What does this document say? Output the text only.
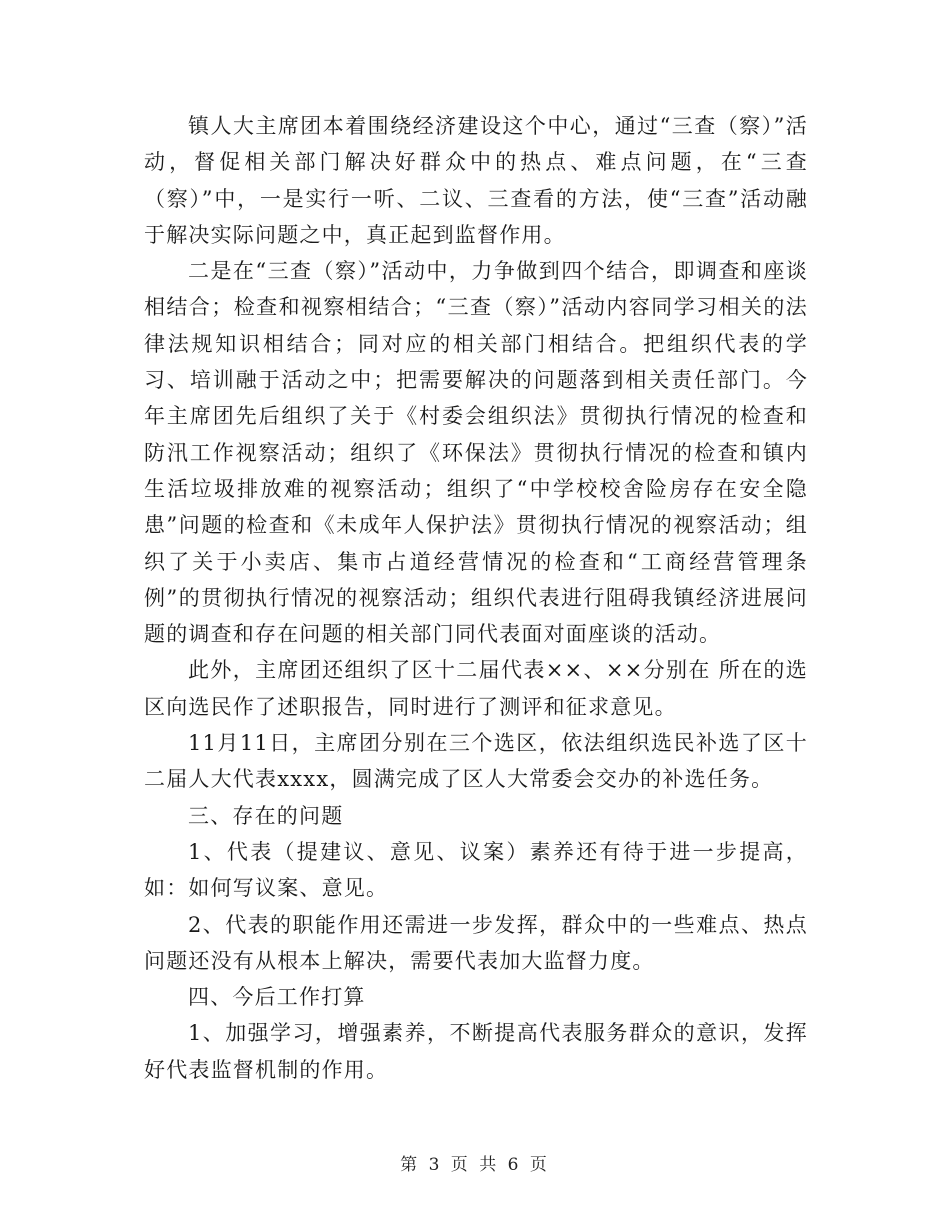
镇人大主席团本着围绕经济建设这个中心，通过“三查（察）”活动，督促相关部门解决好群众中的热点、难点问题，在“三查（察）”中，一是实行一听、二议、三查看的方法，使“三查”活动融于解决实际问题之中，真正起到监督作用。

二是在“三查（察）”活动中，力争做到四个结合，即调查和座谈相结合；检查和视察相结合；“三查（察）”活动内容同学习相关的法律法规知识相结合；同对应的相关部门相结合。把组织代表的学习、培训融于活动之中；把需要解决的问题落到相关责任部门。今年主席团先后组织了关于《村委会组织法》贯彻执行情况的检查和防汛工作视察活动；组织了《环保法》贯彻执行情况的检查和镇内生活垃圾排放难的视察活动；组织了“中学校校舍险房存在安全隐患”问题的检查和《未成年人保护法》贯彻执行情况的视察活动；组织了关于小卖店、集市占道经营情况的检查和“工商经营管理条例”的贯彻执行情况的视察活动；组织代表进行阻碍我镇经济进展问题的调查和存在问题的相关部门同代表面对面座谈的活动。

此外，主席团还组织了区十二届代表××、××分别在 所在的选区向选民作了述职报告，同时进行了测评和征求意见。

11月11日，主席团分别在三个选区，依法组织选民补选了区十二届人大代表xxxx，圆满完成了区人大常委会交办的补选任务。

三、存在的问题

1、代表（提建议、意见、议案）素养还有待于进一步提高，如：如何写议案、意见。

2、代表的职能作用还需进一步发挥，群众中的一些难点、热点问题还没有从根本上解决，需要代表加大监督力度。

四、今后工作打算

1、加强学习，增强素养，不断提高代表服务群众的意识，发挥好代表监督机制的作用。

第 3 页 共 6 页
